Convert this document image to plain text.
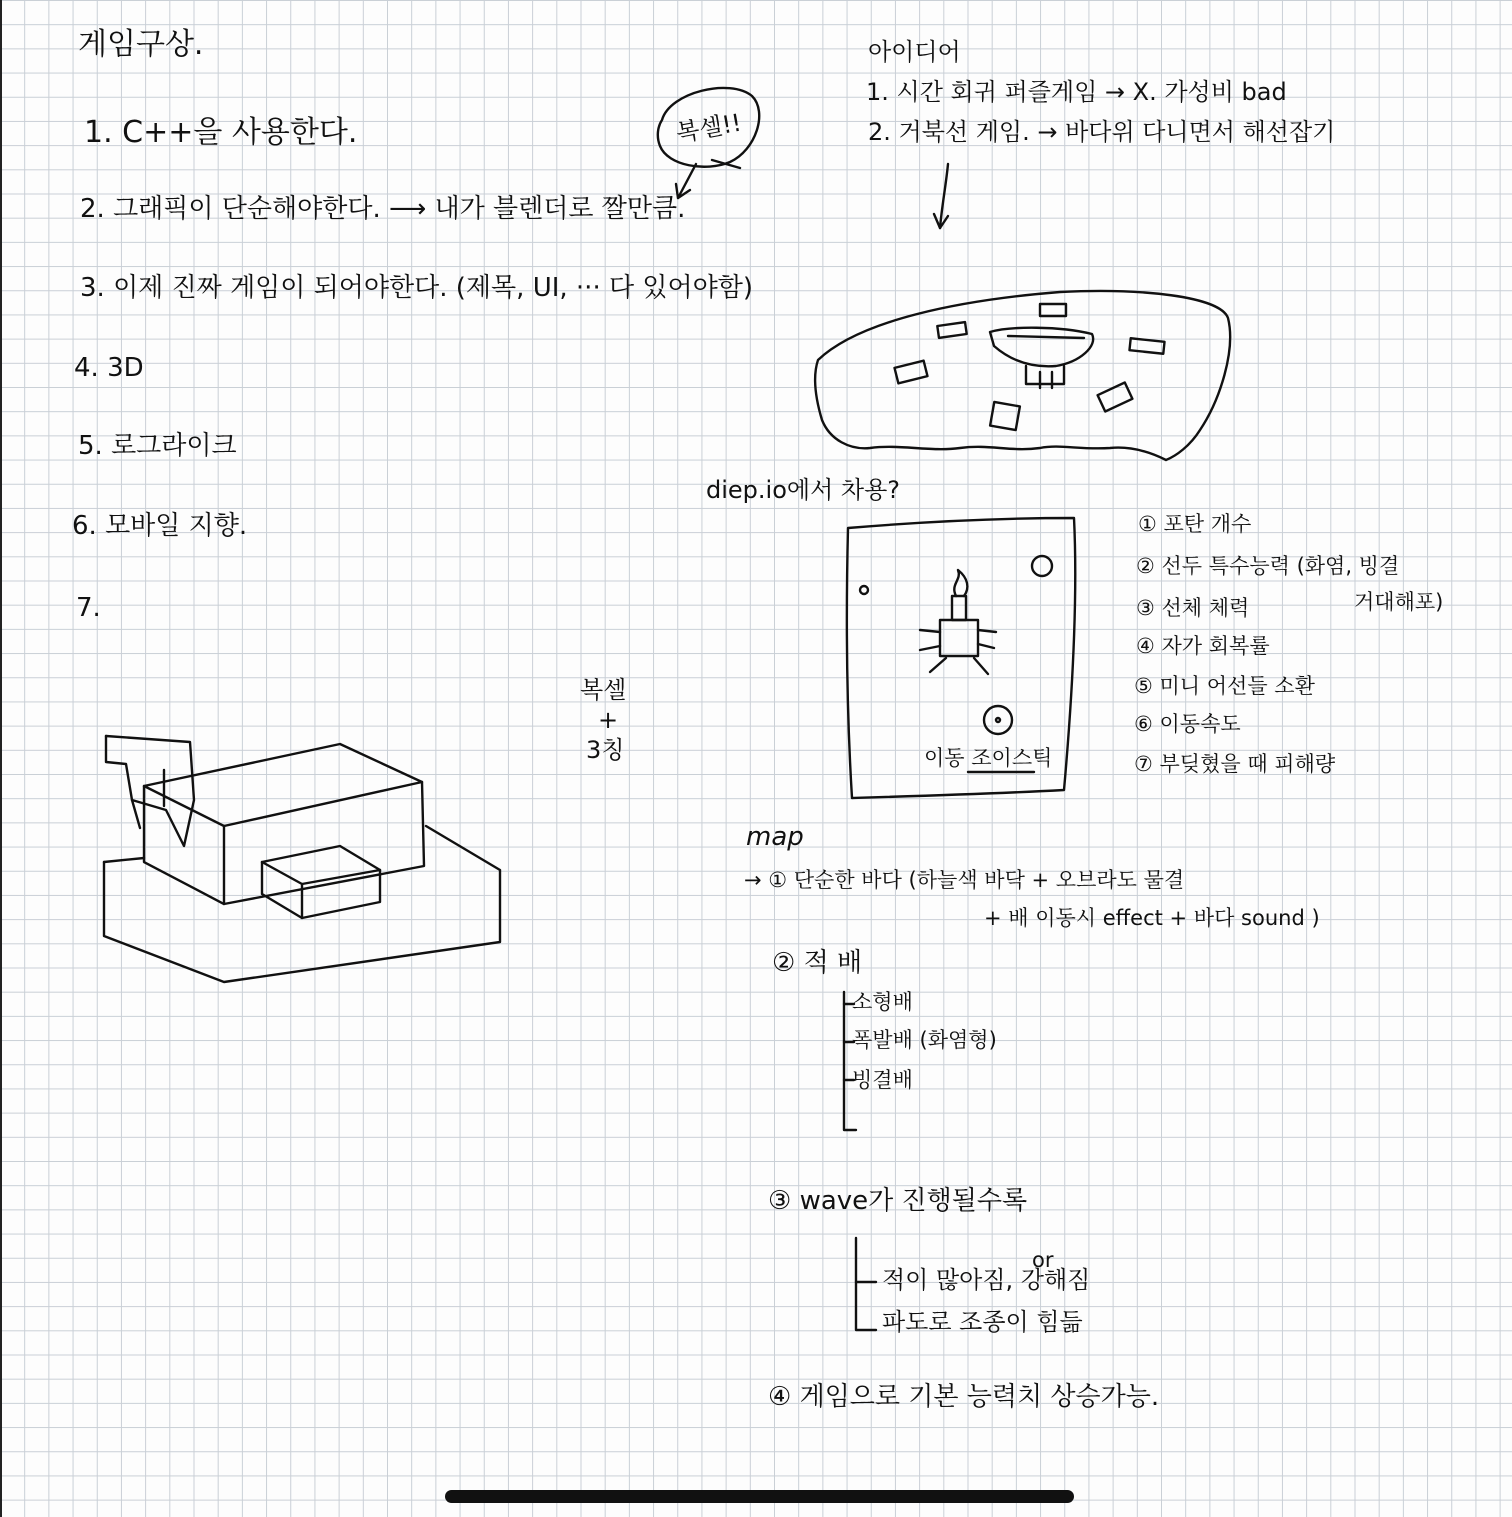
게임구상.
1. C++을 사용한다.
2. 그래픽이 단순해야한다. ⟶ 내가 블렌더로 짤만큼.
3. 이제 진짜 게임이 되어야한다. (제목, UI, ··· 다 있어야함)
4. 3D
5. 로그라이크
6. 모바일 지향.
7.
복셀!!
복셀
+
3칭
아이디어
1. 시간 회귀 퍼즐게임 → X. 가성비 bad
2. 거북선 게임. → 바다위 다니면서 해선잡기
diep.io에서 차용?
이동 조이스틱
① 포탄 개수
② 선두 특수능력 (화염, 빙결
거대해포)
③ 선체 체력
④ 자가 회복률
⑤ 미니 어선들 소환
⑥ 이동속도
⑦ 부딪혔을 때 피해량
map
→ ① 단순한 바다 (하늘색 바닥 + 오브라도 물결
+ 배 이동시 effect + 바다 sound )
② 적 배
소형배
폭발배 (화염형)
빙결배
③ wave가 진행될수록
or
적이 많아짐, 강해짐
파도로 조종이 힘듦
④ 게임으로 기본 능력치 상승가능.
